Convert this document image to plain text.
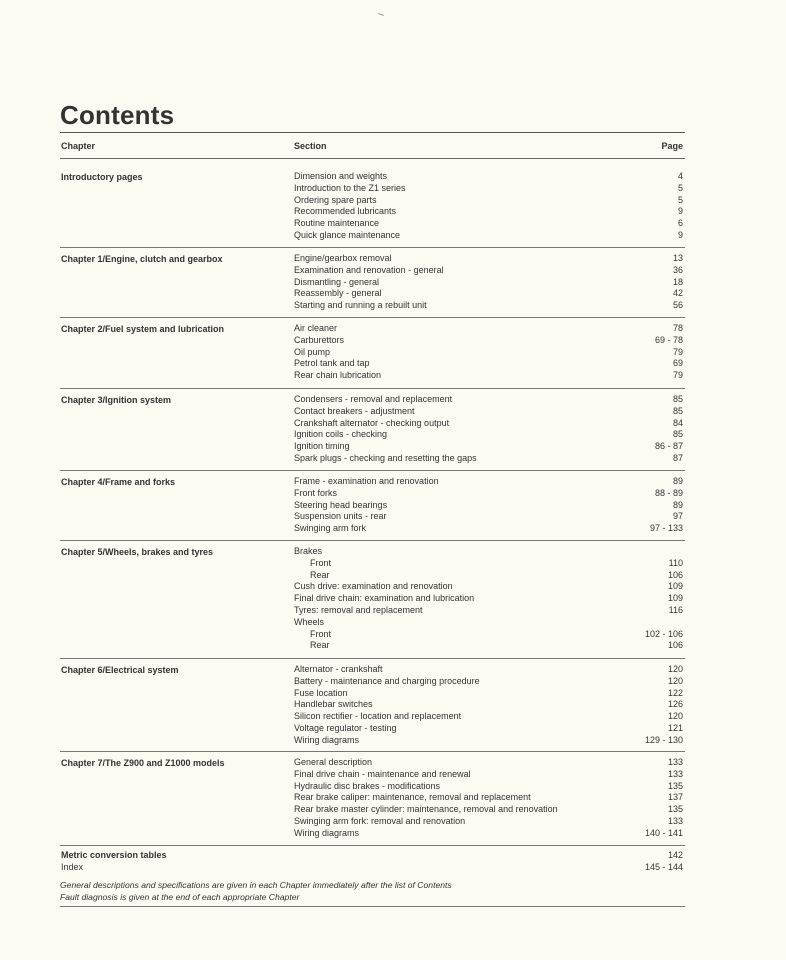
Contents
Chapter	Section	Page
Introductory pages	Dimension and weights	4
Introduction to the Z1 series	5
Ordering spare parts	5
Recommended lubricants	9
Routine maintenance	6
Quick glance maintenance	9
Chapter 1/Engine, clutch and gearbox	Engine/gearbox removal	13
Examination and renovation - general	36
Dismantling - general	18
Reassembly - general	42
Starting and running a rebuilt unit	56
Chapter 2/Fuel system and lubrication	Air cleaner	78
Carburettors	69 - 78
Oil pump	79
Petrol tank and tap	69
Rear chain lubrication	79
Chapter 3/Ignition system	Condensers - removal and replacement	85
Contact breakers - adjustment	85
Crankshaft alternator - checking output	84
Ignition coils - checking	85
Ignition timing	86 - 87
Spark plugs - checking and resetting the gaps	87
Chapter 4/Frame and forks	Frame - examination and renovation	89
Front forks	88 - 89
Steering head bearings	89
Suspension units - rear	97
Swinging arm fork	97 - 133
Chapter 5/Wheels, brakes and tyres	Brakes
Front	110
Rear	106
Cush drive: examination and renovation	109
Final drive chain: examination and lubrication	109
Tyres: removal and replacement	116
Wheels
Front	102 - 106
Rear	106
Chapter 6/Electrical system	Alternator - crankshaft	120
Battery - maintenance and charging procedure	120
Fuse location	122
Handlebar switches	126
Silicon rectifier - location and replacement	120
Voltage regulator - testing	121
Wiring diagrams	129 - 130
Chapter 7/The Z900 and Z1000 models	General description	133
Final drive chain - maintenance and renewal	133
Hydraulic disc brakes - modifications	135
Rear brake caliper: maintenance, removal and replacement	137
Rear brake master cylinder: maintenance, removal and renovation	135
Swinging arm fork: removal and renovation	133
Wiring diagrams	140 - 141
Metric conversion tables	142
Index	145 - 144
General descriptions and specifications are given in each Chapter immediately after the list of Contents
Fault diagnosis is given at the end of each appropriate Chapter
